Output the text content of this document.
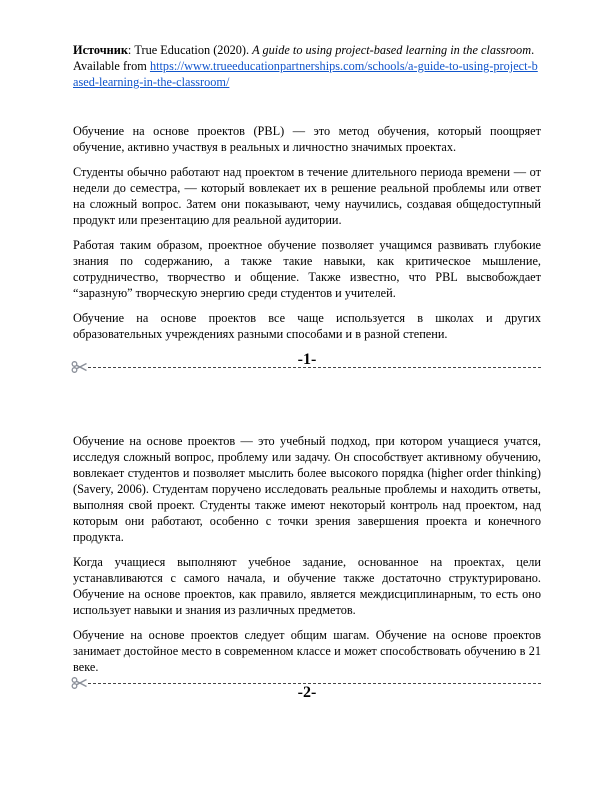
Источник: True Education (2020). A guide to using project-based learning in the classroom.
Available from https://www.trueeducationpartnerships.com/schools/a-guide-to-using-project-based-learning-in-the-classroom/

Обучение на основе проектов (PBL) — это метод обучения, который поощряет обучение, активно участвуя в реальных и личностно значимых проектах.

Студенты обычно работают над проектом в течение длительного периода времени — от недели до семестра, — который вовлекает их в решение реальной проблемы или ответ на сложный вопрос. Затем они показывают, чему научились, создавая общедоступный продукт или презентацию для реальной аудитории.

Работая таким образом, проектное обучение позволяет учащимся развивать глубокие знания по содержанию, а также такие навыки, как критическое мышление, сотрудничество, творчество и общение. Также известно, что PBL высвобождает “заразную” творческую энергию среди студентов и учителей.

Обучение на основе проектов все чаще используется в школах и других образовательных учреждениях разными способами и в разной степени.

-1-

Обучение на основе проектов — это учебный подход, при котором учащиеся учатся, исследуя сложный вопрос, проблему или задачу. Он способствует активному обучению, вовлекает студентов и позволяет мыслить более высокого порядка (higher order thinking) (Savery, 2006). Студентам поручено исследовать реальные проблемы и находить ответы, выполняя свой проект. Студенты также имеют некоторый контроль над проектом, над которым они работают, особенно с точки зрения завершения проекта и конечного продукта.

Когда учащиеся выполняют учебное задание, основанное на проектах, цели устанавливаются с самого начала, и обучение также достаточно структурировано. Обучение на основе проектов, как правило, является междисциплинарным, то есть оно использует навыки и знания из различных предметов.

Обучение на основе проектов следует общим шагам. Обучение на основе проектов занимает достойное место в современном классе и может способствовать обучению в 21 веке.

-2-
